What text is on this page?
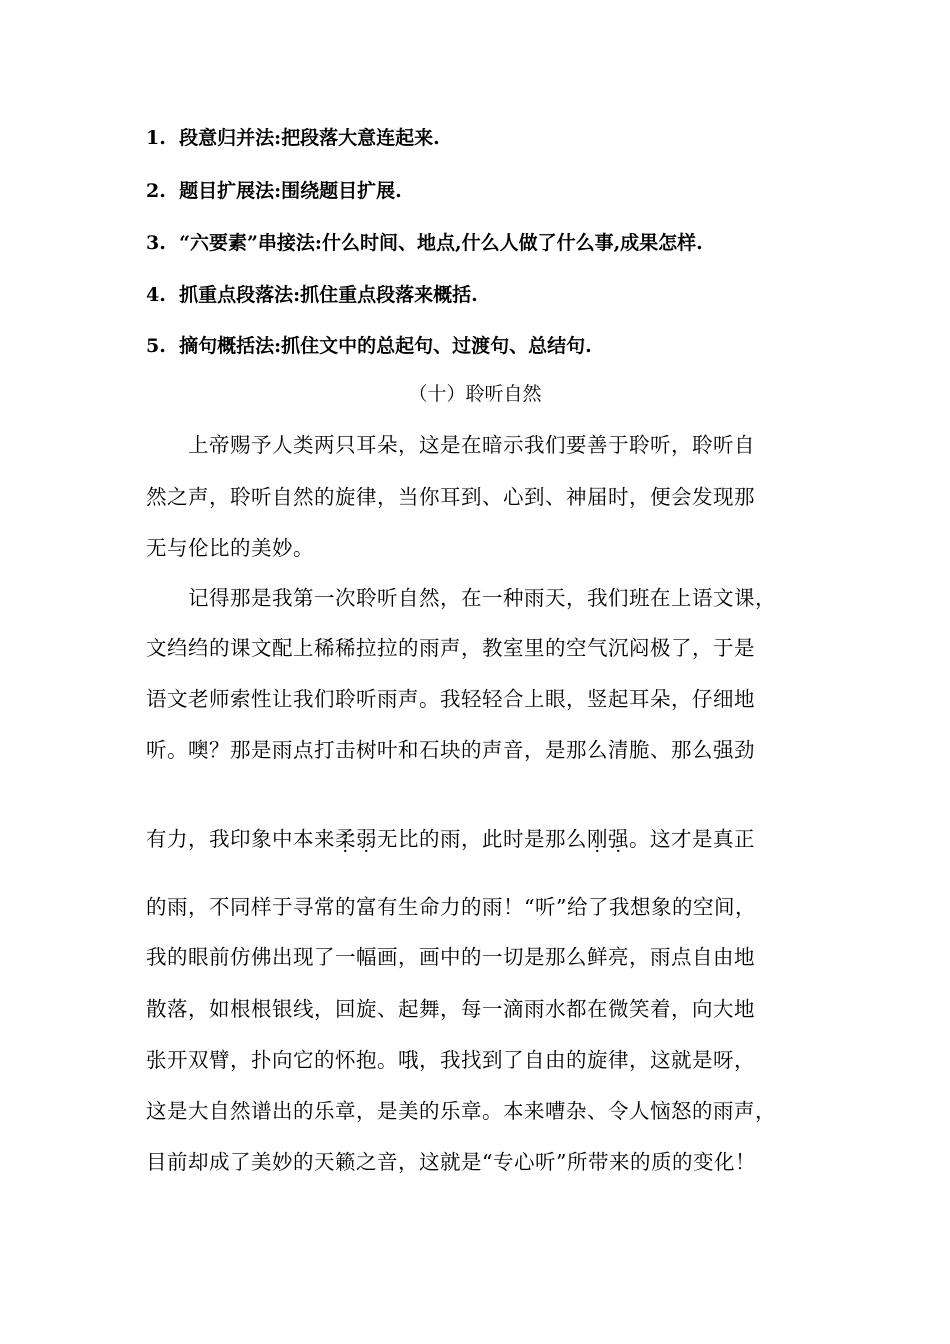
1. 段意归并法:把段落大意连起来.
2. 题目扩展法:围绕题目扩展.
3. “六要素”串接法:什么时间、地点,什么人做了什么事,成果怎样.
4. 抓重点段落法:抓住重点段落来概括.
5. 摘句概括法:抓住文中的总起句、过渡句、总结句.
（十）聆听自然
上帝赐予人类两只耳朵，这是在暗示我们要善于聆听，聆听自
然之声，聆听自然的旋律，当你耳到、心到、神届时，便会发现那
无与伦比的美妙。
记得那是我第一次聆听自然，在一种雨天，我们班在上语文课，
文绉绉的课文配上稀稀拉拉的雨声，教室里的空气沉闷极了，于是
语文老师索性让我们聆听雨声。我轻轻合上眼，竖起耳朵，仔细地
听。噢？那是雨点打击树叶和石块的声音，是那么清脆、那么强劲
有力，我印象中本来柔弱无比的雨，此时是那么刚强。这才是真正
的雨，不同样于寻常的富有生命力的雨！“听”给了我想象的空间，
我的眼前仿佛出现了一幅画，画中的一切是那么鲜亮，雨点自由地
散落，如根根银线，回旋、起舞，每一滴雨水都在微笑着，向大地
张开双臂，扑向它的怀抱。哦，我找到了自由的旋律，这就是呀，
这是大自然谱出的乐章，是美的乐章。本来嘈杂、令人恼怒的雨声，
目前却成了美妙的天籁之音，这就是“专心听”所带来的质的变化！
